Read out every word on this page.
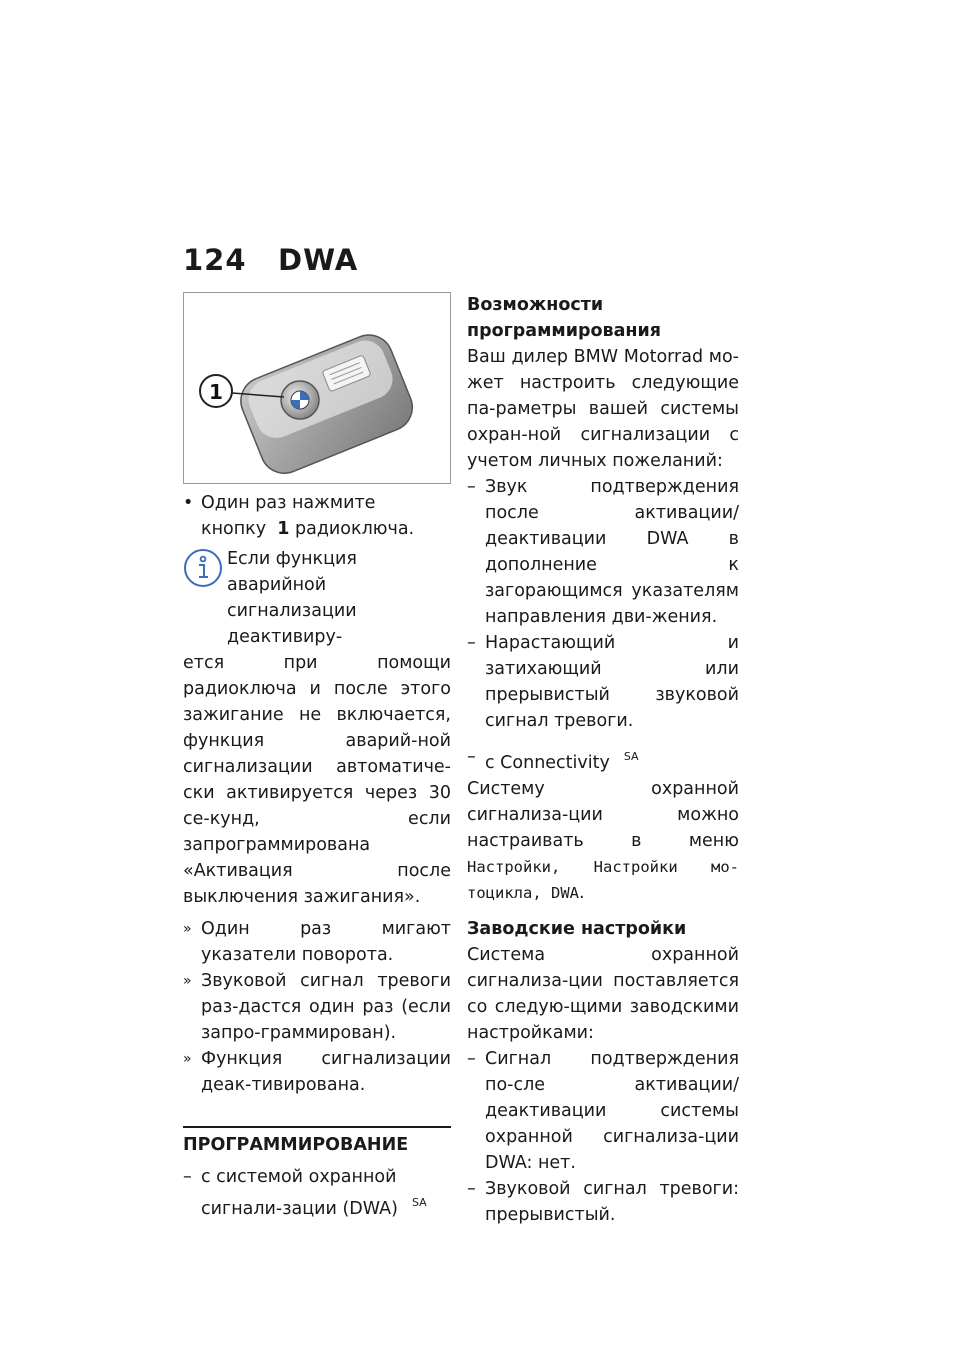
124 DWA
1

• Один раз нажмите кнопку 1 радиоключа.

Если функция аварийной

сигнализации деактивиру-

ется при помощи радиоключа и после этого зажигание не включается, функция аварий-ной сигнализации автоматиче-ски активируется через 30 се-кунд, если запрограммирована «Активация после выключения зажигания».

» Один раз мигают указатели поворота.

» Звуковой сигнал тревоги раз-дастся один раз (если запро-граммирован).

» Функция сигнализации деак-тивирована.

ПРОГРАММИРОВАНИЕ

– с системой охранной сигнали-зации (DWA) $^{SA}$

Возможности программирования

Ваш дилер BMW Motorrad мо-жет настроить следующие па-раметры вашей системы охран-ной сигнализации с учетом личных пожеланий:

– Звук подтверждения после активации/деактивации DWA в дополнение к загорающимся указателям направления дви-жения.

– Нарастающий и затихающий или прерывистый звуковой сигнал тревоги.

– с Connectivity $^{SA}$

Систему охранной сигнализа-ции можно настраивать в меню Настройки, Настройки мо-тоцикла, DWA.

Заводские настройки

Система охранной сигнализа-ции поставляется со следую-щими заводскими настройками:

– Сигнал подтверждения по-сле активации/деактивации системы охранной сигнализа-ции DWA: нет.

– Звуковой сигнал тревоги: прерывистый.
